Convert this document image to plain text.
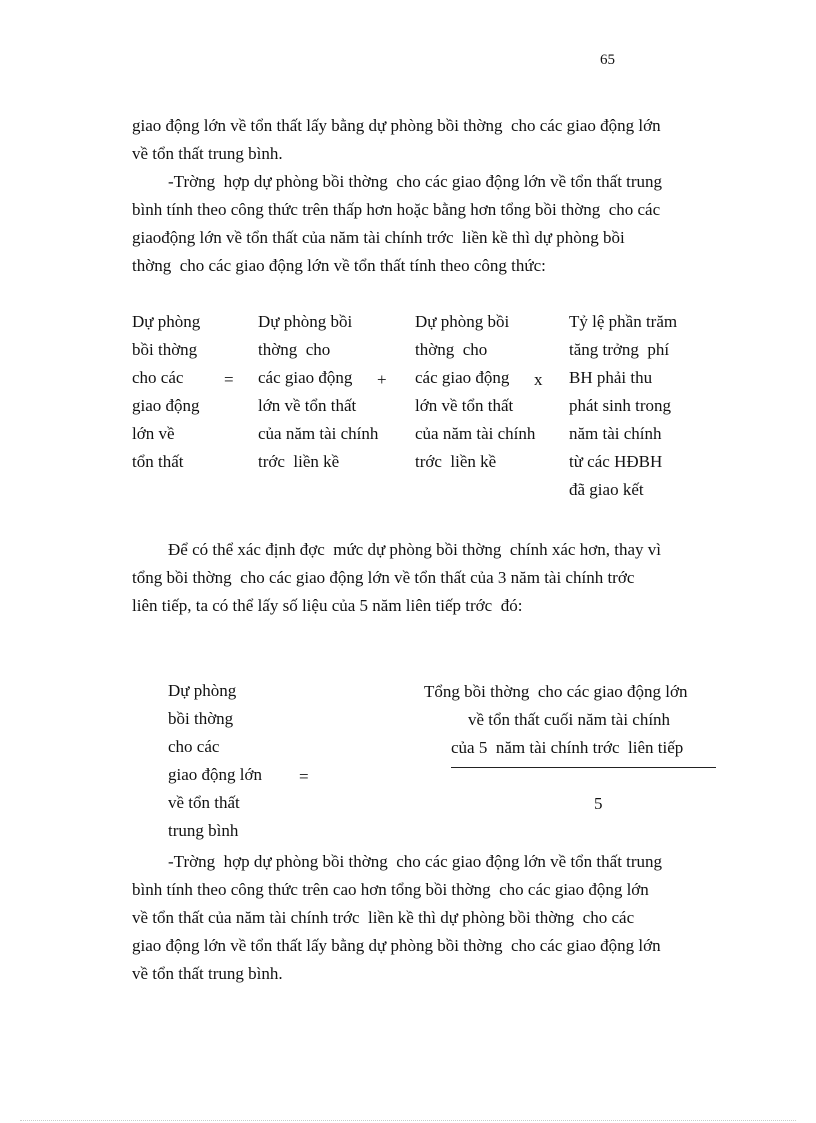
65
giao động lớn về tổn thất lấy bằng dự phòng bồi thờng  cho các giao động lớn
về tổn thất trung bình.
-Trờng  hợp dự phòng bồi thờng  cho các giao động lớn về tổn thất trung
bình tính theo công thức trên thấp hơn hoặc bằng hơn tổng bồi thờng  cho các
giaođộng lớn về tổn thất của năm tài chính trớc  liền kề thì dự phòng bồi
thờng  cho các giao động lớn về tổn thất tính theo công thức:
Dự phòng
bồi thờng
cho các
giao động
lớn về
tổn thất
=
Dự phòng bồi
thờng  cho
các giao động
lớn về tổn thất
của năm tài chính
trớc  liền kề
+
Dự phòng bồi
thờng  cho
các giao động
lớn về tổn thất
của năm tài chính
trớc  liền kề
x
Tỷ lệ phần trăm
tăng trởng  phí
BH phải thu
phát sinh trong
năm tài chính
từ các HĐBH
đã giao kết
Để có thể xác định đợc  mức dự phòng bồi thờng  chính xác hơn, thay vì
tổng bồi thờng  cho các giao động lớn về tổn thất của 3 năm tài chính trớc
liên tiếp, ta có thể lấy số liệu của 5 năm liên tiếp trớc  đó:
Dự phòng
bồi thờng
cho các
giao động lớn
về tổn thất
trung bình
=
Tổng bồi thờng  cho các giao động lớn
về tổn thất cuối năm tài chính
của 5  năm tài chính trớc  liên tiếp
5
-Trờng  hợp dự phòng bồi thờng  cho các giao động lớn về tổn thất trung
bình tính theo công thức trên cao hơn tổng bồi thờng  cho các giao động lớn
về tổn thất của năm tài chính trớc  liền kề thì dự phòng bồi thờng  cho các
giao động lớn về tổn thất lấy bằng dự phòng bồi thờng  cho các giao động lớn
về tổn thất trung bình.
